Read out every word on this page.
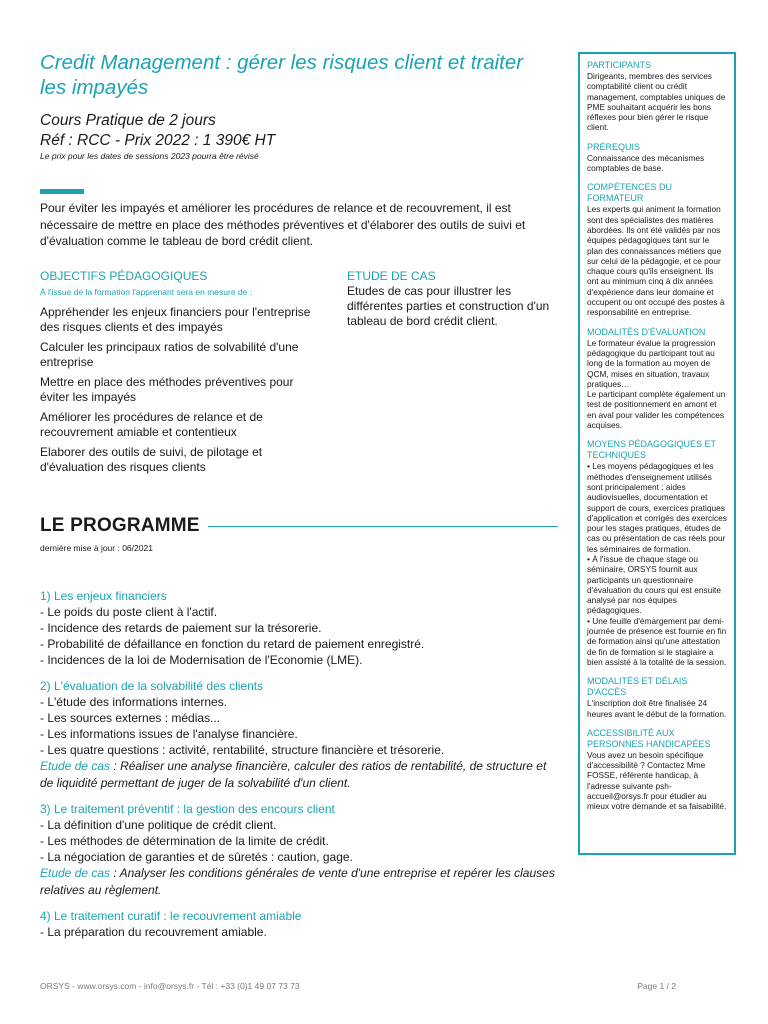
Credit Management : gérer les risques client et traiter les impayés
Cours Pratique de 2 jours
Réf : RCC - Prix 2022 : 1 390€ HT
Le prix pour les dates de sessions 2023 pourra être révisé
Pour éviter les impayés et améliorer les procédures de relance et de recouvrement, il est nécessaire de mettre en place des méthodes préventives et d'élaborer des outils de suivi et d'évaluation comme le tableau de bord crédit client.
OBJECTIFS PÉDAGOGIQUES
À l'issue de la formation l'apprenant sera en mesure de :
Appréhender les enjeux financiers pour l'entreprise des risques clients et des impayés
Calculer les principaux ratios de solvabilité d'une entreprise
Mettre en place des méthodes préventives pour éviter les impayés
Améliorer les procédures de relance et de recouvrement amiable et contentieux
Elaborer des outils de suivi, de pilotage et d'évaluation des risques clients
ETUDE DE CAS
Etudes de cas pour illustrer les différentes parties et construction d'un tableau de bord crédit client.
LE PROGRAMME
dernière mise à jour : 06/2021
1) Les enjeux financiers
- Le poids du poste client à l'actif.
- Incidence des retards de paiement sur la trésorerie.
- Probabilité de défaillance en fonction du retard de paiement enregistré.
- Incidences de la loi de Modernisation de l'Economie (LME).
2) L'évaluation de la solvabilité des clients
- L'étude des informations internes.
- Les sources externes : médias...
- Les informations issues de l'analyse financière.
- Les quatre questions : activité, rentabilité, structure financière et trésorerie.
Etude de cas : Réaliser une analyse financière, calculer des ratios de rentabilité, de structure et de liquidité permettant de juger de la solvabilité d'un client.
3) Le traitement préventif : la gestion des encours client
- La définition d'une politique de crédit client.
- Les méthodes de détermination de la limite de crédit.
- La négociation de garanties et de sûretés : caution, gage.
Etude de cas : Analyser les conditions générales de vente d'une entreprise et repérer les clauses relatives au règlement.
4) Le traitement curatif : le recouvrement amiable
- La préparation du recouvrement amiable.
PARTICIPANTS
Dirigeants, membres des services comptabilité client ou crédit management, comptables uniques de PME souhaitant acquérir les bons réflexes pour bien gérer le risque client.
PRÉREQUIS
Connaissance des mécanismes comptables de base.
COMPÉTENCES DU FORMATEUR
Les experts qui animent la formation sont des spécialistes des matières abordées. Ils ont été validés par nos équipes pédagogiques tant sur le plan des connaissances métiers que sur celui de la pédagogie, et ce pour chaque cours qu'ils enseignent. Ils ont au minimum cinq à dix années d'expérience dans leur domaine et occupent ou ont occupé des postes à responsabilité en entreprise.
MODALITÉS D'ÉVALUATION
Le formateur évalue la progression pédagogique du participant tout au long de la formation au moyen de QCM, mises en situation, travaux pratiques…
Le participant complète également un test de positionnement en amont et en aval pour valider les compétences acquises.
MOYENS PÉDAGOGIQUES ET TECHNIQUES
• Les moyens pédagogiques et les méthodes d'enseignement utilisés sont principalement : aides audiovisuelles, documentation et support de cours, exercices pratiques d'application et corrigés des exercices pour les stages pratiques, études de cas ou présentation de cas réels pour les séminaires de formation.
• À l'issue de chaque stage ou séminaire, ORSYS fournit aux participants un questionnaire d'évaluation du cours qui est ensuite analysé par nos équipes pédagogiques.
• Une feuille d'émargement par demi-journée de présence est fournie en fin de formation ainsi qu'une attestation de fin de formation si le stagiaire a bien assisté à la totalité de la session.
MODALITÉS ET DÉLAIS D'ACCÈS
L'inscription doit être finalisée 24 heures avant le début de la formation.
ACCESSIBILITÉ AUX PERSONNES HANDICAPÉES
Vous avez un besoin spécifique d'accessibilité ? Contactez Mme FOSSE, référente handicap, à l'adresse suivante psh-accueil@orsys.fr pour étudier au mieux votre demande et sa faisabilité.
ORSYS - www.orsys.com - info@orsys.fr - Tél : +33 (0)1 49 07 73 73	Page 1 / 2
